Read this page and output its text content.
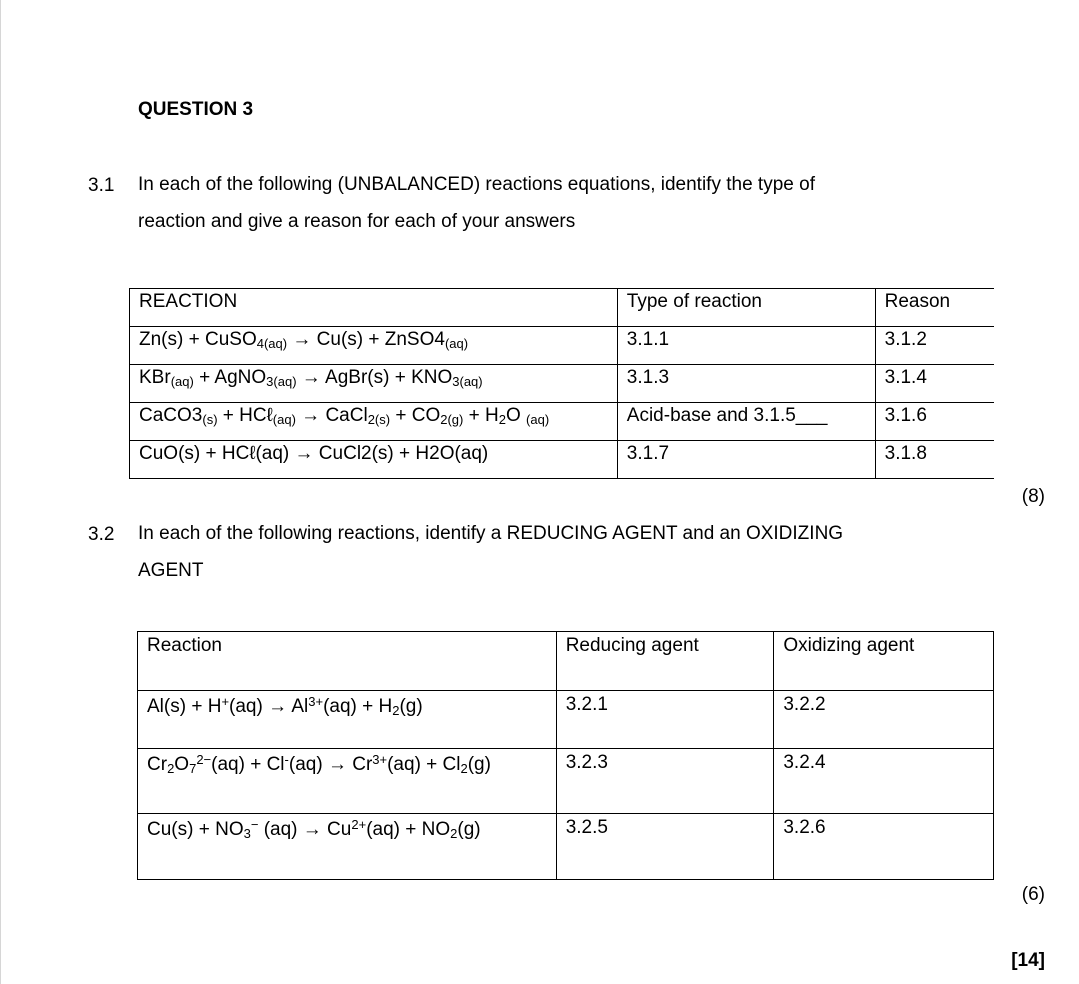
QUESTION 3
3.1 In each of the following (UNBALANCED) reactions equations, identify the type of
reaction and give a reason for each of your answers
REACTION	Type of reaction	Reason
Zn(s) + CuSO$_{4(aq)}$ → $Cu(s) + ZnSO4_{(aq)}$	3.1.1	3.1.2
KBr$_{(aq)}$ + AgNO$_{3(aq)}$ → AgBr(s) + $KNO_{3(aq)}$	3.1.3	3.1.4
$CaCO3_{(s)}$ + HCℓ$_{(aq)}$ → CaCl$_{2(s)}$ + $CO_{2(g)} + H_2O$ $_{(aq)}$	Acid-base and 3.1.5___	3.1.6
CuO(s) + HCℓ(aq) → CuCl2(s) + H2O(aq)	3.1.7	3.1.8
(8)
3.2 In each of the following reactions, identify a REDUCING AGENT and an OXIDIZING
AGENT
Reaction	Reducing agent	Oxidizing agent
$Al(s) + H^+(aq) \to Al^{3+}(aq) + H_2(g)$	3.2.1	3.2.2
$Cr_2O_7^{2-}(aq) + Cl^-(aq) \to Cr^{3+}(aq) + Cl_2(g)$	3.2.3	3.2.4
$Cu(s) + NO_3^-$ $(aq) \to Cu^{2+}(aq) + NO_2(g)$	3.2.5	3.2.6
(6)
[14]
